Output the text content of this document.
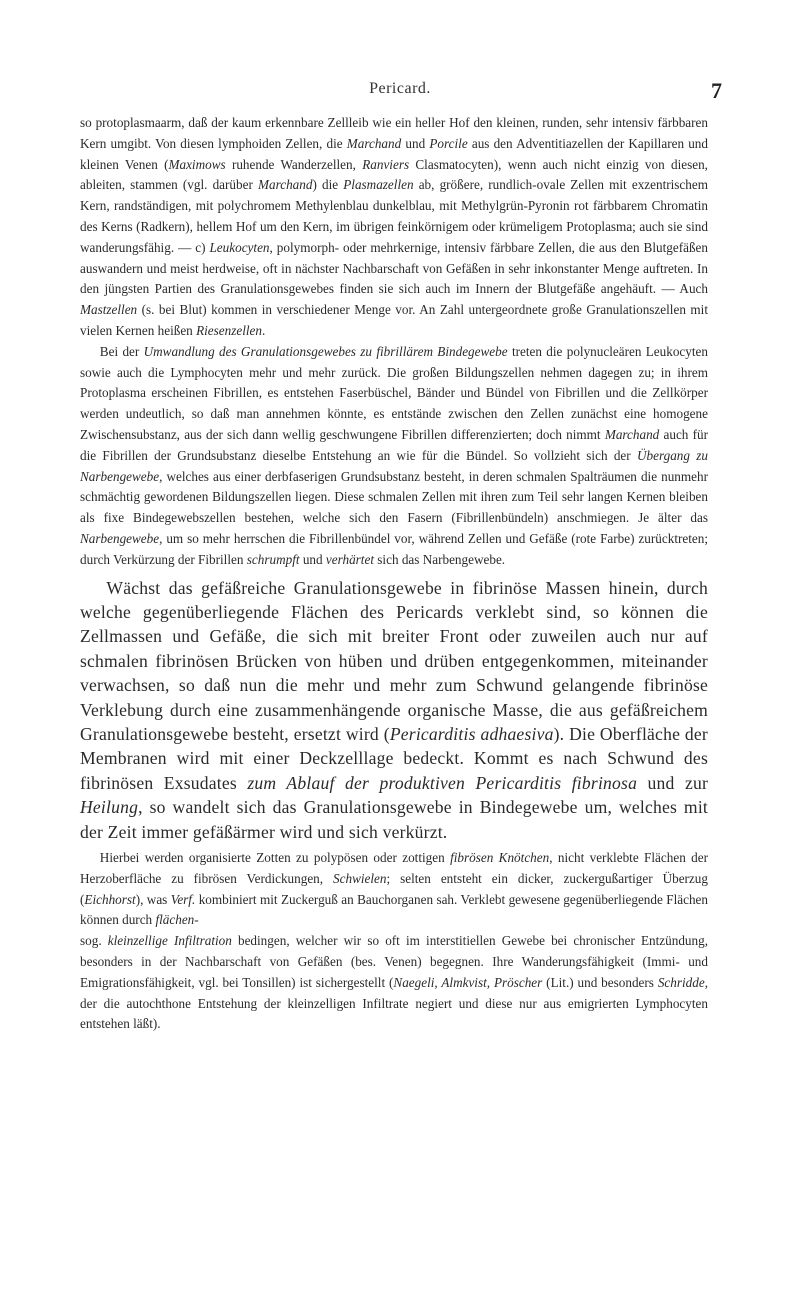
Pericard.	7

so protoplasmaarm, daß der kaum erkennbare Zellleib wie ein heller Hof den kleinen, runden, sehr intensiv färbbaren Kern umgibt. Von diesen lymphoiden Zellen, die Marchand und Porcile aus den Adventitiazellen der Kapillaren und kleinen Venen (Maximows ruhende Wanderzellen, Ranviers Clasmatocyten), wenn auch nicht einzig von diesen, ableiten, stammen (vgl. darüber Marchand) die Plasmazellen ab, größere, rundlich-ovale Zellen mit exzentrischem Kern, randständigen, mit polychromem Methylenblau dunkelblau, mit Methylgrün-Pyronin rot färbbarem Chromatin des Kerns (Radkern), hellem Hof um den Kern, im übrigen feinkörnigem oder krümeligem Protoplasma; auch sie sind wanderungsfähig. — c) Leukocyten, polymorph- oder mehrkernige, intensiv färbbare Zellen, die aus den Blutgefäßen auswandern und meist herdweise, oft in nächster Nachbarschaft von Gefäßen in sehr inkonstanter Menge auftreten. In den jüngsten Partien des Granulationsgewebes finden sie sich auch im Innern der Blutgefäße angehäuft. — Auch Mastzellen (s. bei Blut) kommen in verschiedener Menge vor. An Zahl untergeordnete große Granulationszellen mit vielen Kernen heißen Riesenzellen.

Bei der Umwandlung des Granulationsgewebes zu fibrillärem Bindegewebe treten die polynucleären Leukocyten sowie auch die Lymphocyten mehr und mehr zurück. Die großen Bildungszellen nehmen dagegen zu; in ihrem Protoplasma erscheinen Fibrillen, es entstehen Faserbüschel, Bänder und Bündel von Fibrillen und die Zellkörper werden undeutlich, so daß man annehmen könnte, es entstände zwischen den Zellen zunächst eine homogene Zwischensubstanz, aus der sich dann wellig geschwungene Fibrillen differenzierten; doch nimmt Marchand auch für die Fibrillen der Grundsubstanz dieselbe Entstehung an wie für die Bündel. So vollzieht sich der Übergang zu Narbengewebe, welches aus einer derbfaserigen Grundsubstanz besteht, in deren schmalen Spalträumen die nunmehr schmächtig gewordenen Bildungszellen liegen. Diese schmalen Zellen mit ihren zum Teil sehr langen Kernen bleiben als fixe Bindegewebszellen bestehen, welche sich den Fasern (Fibrillenbündeln) anschmiegen. Je älter das Narbengewebe, um so mehr herrschen die Fibrillenbündel vor, während Zellen und Gefäße (rote Farbe) zurücktreten; durch Verkürzung der Fibrillen schrumpft und verhärtet sich das Narbengewebe.

Wächst das gefäßreiche Granulationsgewebe in fibrinöse Massen hinein, durch welche gegenüberliegende Flächen des Pericards verklebt sind, so können die Zellmassen und Gefäße, die sich mit breiter Front oder zuweilen auch nur auf schmalen fibrinösen Brücken von hüben und drüben entgegenkommen, miteinander verwachsen, so daß nun die mehr und mehr zum Schwund gelangende fibrinöse Verklebung durch eine zusammenhängende organische Masse, die aus gefäßreichem Granulationsgewebe besteht, ersetzt wird (Pericarditis adhaesiva). Die Oberfläche der Membranen wird mit einer Deckzelllage bedeckt. Kommt es nach Schwund des fibrinösen Exsudates zum Ablauf der produktiven Pericarditis fibrinosa und zur Heilung, so wandelt sich das Granulationsgewebe in Bindegewebe um, welches mit der Zeit immer gefäßärmer wird und sich verkürzt.

Hierbei werden organisierte Zotten zu polypösen oder zottigen fibrösen Knötchen, nicht verklebte Flächen der Herzoberfläche zu fibrösen Verdickungen, Schwielen; selten entsteht ein dicker, zuckergußartiger Überzug (Eichhorst), was Verf. kombiniert mit Zuckerguß an Bauchorganen sah. Verklebt gewesene gegenüberliegende Flächen können durch flächen-

sog. kleinzellige Infiltration bedingen, welcher wir so oft im interstitiellen Gewebe bei chronischer Entzündung, besonders in der Nachbarschaft von Gefäßen (bes. Venen) begegnen. Ihre Wanderungsfähigkeit (Immi- und Emigrationsfähigkeit, vgl. bei Tonsillen) ist sichergestellt (Naegeli, Almkvist, Pröscher (Lit.) und besonders Schridde, der die autochthone Entstehung der kleinzelligen Infiltrate negiert und diese nur aus emigrierten Lymphocyten entstehen läßt).
